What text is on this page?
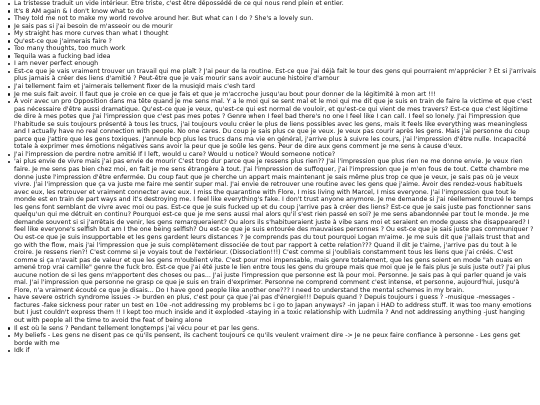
La tristesse traduit un vide intérieur. Être triste, c'est être dépossédé de ce qui nous rend plein et entier.
It's 8 AM again & I don't know what to do
They told me not to make my world revolve around her. But what can I do ? She's a lovely sun.
Je sais pas si j'ai besoin de m'asseoir ou de mourir
My straight has more curves than what I thought
Qu'est-ce que j'aimerais faire ?
Too many thoughts, too much work
Tequila was a fucking bad idea
I am never perfect enough
Est-ce que je vais vraiment trouver un travail qui me plaît ? J'ai peur de la routine. Est-ce que j'ai déjà fait le tour des gens qui pourraient m'apprécier ? Et si j'arrivais plus jamais à créer des liens d'amitié ? Peut-être que je vais mourir sans avoir aucune histoire d'amour
J'ai tellement faim et j'aimerais tellement fixer de la musiqid mais c'esh tard
Je me suis fait avoir. Il faut que je croie en ce que je fais et que je m'accroche jusqu'au bout pour donner de la légitimité à mon art !!!
À voir avec un pro Opposition dans ma tête quand je me sens mal. Y a le moi qui se sent mal et le moi qui me dit que je suis en train de faire la victime et que c'est pas nécessaire d'être aussi dramatique. Qu'est-ce que je veux, qu'est-ce qui est normal de vouloir, et qu'est-ce qui vient de mes travers? Est-ce que c'est légitime de dire à mes potes que j'ai l'impression que c'est pas mes potes ? Genre when I feel bad there's no one I feel like I can call. I feel so lonely. J'ai l'impression que l'habitude se suis toujours présenté à tous les trucs, j'ai toujours voulu créer le plus de liens possibles avec les gens, mais it feels like everything was meaningless and I actually have no real connection with people. No one cares. Du coup je sais plus ce que je veux. Je veux pas courir après les gens. Mais j'ai personne du coup parce que j'attire que les gens toxiques. J'annule bcp plus les trucs dans ma vie en général, j'arrive plus à suivre les cours, j'ai l'impression d'être nulle. Incapacité totale à exprimer mes émotions négatives sans avoir la peur que je soûle les gens. Peur de dire aux gens comment je me sens à cause d'eux.
J'ai l'impression de perdre notre amitié If I left, would u care? Would u notice? Would someone notice?
'ai plus envie de vivre mais j'ai pas envie de mourir C'est trop dur parce que je ressens plus rien?? J'ai l'impression que plus rien ne me donne envie. Je veux rien faire. Je me sens pas bien chez moi, en fait je me sens étrangère à tout. J'ai l'impression de suffoquer, j'ai l'impression que je m'en fous de tout. Cette chambre me donne juste l'impression d'être enfermée. Du coup faut que je cherche un appart mais maintenant je sais même plus trop ce que je veux, je sais pas où je veux vivre. J'ai l'impression que ça va juste me faire me sentir super mal. J'ai envie de retrouver une routine avec les gens que j'aime. Avoir des rendez-vous habituels avec eux, les retrouver et vraiment connecter avec eux. I miss the quarantine with Flore, I miss living with Marcel, I miss everyone. J'ai l'impression que tout le monde est en train de part ways and it's destroying me. I feel like everything's fake. I don't trust anyone anymore. Je me demande si j'ai réellement trouvé le temps les gens font semblant de vivre avec moi ou pas. Est-ce que je suis fucked up et du coup j'arrive pas à créer des liens? Est-ce que je sais juste pas fonctionner sans quelqu'un qui me détruit en continu? Pourquoi est-ce que je me sens aussi mal alors qu'il s'est rien passé en soi? Je me sens abandonnée par tout le monde. Je me demande souvent si si j'arrêtais de venir, les gens remarqueraient? Ou alors ils s'habitueraient juste à vibe sans moi et seraient en mode guess she disappeared? I feel like everyone's selfish but am I the one being selfish? Ou est-ce que je suis entourée des mauvaises personnes ? Ou est-ce que je sais juste pas communiquer ? Ou est-ce que je suis insupportable et les gens gardent leurs distances ? Je comprends pas du tout pourquoi Logan m'aime. Je me suis dit que j'allais trust that and go with the flow, mais j'ai l'impression que je suis complètement dissociée de tout par rapport à cette relation??? Quand il dit je t'aime, j'arrive pas du tout à le croire. Je ressens rien?! C'est comme si je voyais tout de l'extérieur. (Dissociation!!!) C'est comme si j'oubliais constamment tous les liens que j'ai créés. C'est comme si ça n'avait pas de valeur et que les gens m'oublient vite. C'est pour moi impensable, mais genre totalement, que les gens soient en mode "ah ouais en amené trop vrai camille" genre the fuck bro. Est-ce que j'ai été juste le lien entre tous les gens du groupe mais que moi que je le fais plus je suis juste out? J'ai plus aucune notion de si les gens m'apportent des choses ou pas... J'ai juste l'impression que personne est là pour moi. Personne. Je sais pas à qui parler quand je vais mal. J'ai l'impression que personne ne grasp ce que je suis en train d'exprimer. Personne ne comprend comment c'est intense, et personne, aujourd'hui, jusqu'à Flore, n'a vraiment écouté ce que je disais... Do I have good people like another one??? I need to understand the mental schemes in my brain.
have severe ostrich syndrome issues -> burden en plus, c'est pour ça que j'ai pas d'énergie!!! Depuis quand ? Depuis toujours i guess ? -musique -messages -factures -fake sickness pour rater un test en 10e -not addressing my problems bc i go to Japan anyways? -in japan i HAD to address stuff. It was too many emotions but I just couldn't express them !! I kept too much inside and it exploded -staying in a toxic relationship with Ludmila ? And not addressing anything -just hanging out with people all the time to avoid the feat of being alone
Il est où le sens ? Pendant tellement longtemps j'ai vécu pour et par les gens.
My beliefs - Les gens ne disent pas ce qu'ils pensent, ils cachent toujours ce qu'ils veulent vraiment dire -> Je ne peux faire confiance à personne - Les gens get borde with me
Idk if
